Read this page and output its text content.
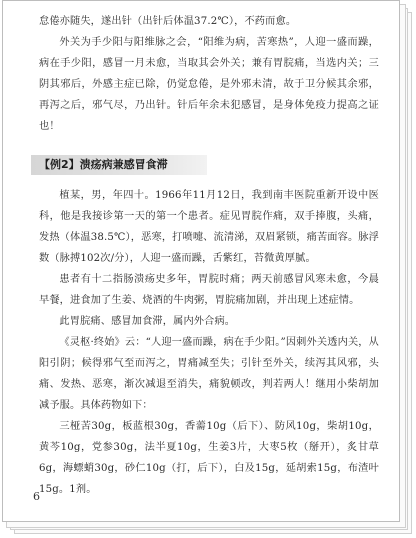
怠倦亦随失，遂出针（出针后体温37.2℃），不药而愈。

外关为手少阳与阳维脉之会，“阳维为病，苦寒热”，人迎一盛而躁，病在手少阳，感冒一月未愈，当取其会外关；兼有胃脘痛，当选内关；三阴其邪后，外感主症已除，仍觉怠倦，是外邪未清，故于卫分候其余邪，再泻之后，邪气尽，乃出针。针后年余未犯感冒，是身体免疫力提高之证也！

【例2】溃疡病兼感冒食滞

植某，男，年四十。1966年11月12日，我到南丰医院重新开设中医科，他是我接诊第一天的第一个患者。症见胃脘作痛，双手捧腹，头痛，发热（体温38.5℃），恶寒，打喷嚏、流清涕，双眉紧锁，痛苦面容。脉浮数（脉搏102次/分），人迎一盛而躁，舌紫红，苔微黄厚腻。

患者有十二指肠溃疡史多年，胃脘时痛；两天前感冒风寒未愈，今晨早餐，进食加了生姜、烧酒的牛肉粥，胃脘痛加剧，并出现上述症情。

此胃脘痛、感冒加食滞，属内外合病。

《灵枢·终始》云：“人迎一盛而躁，病在手少阳。”因刺外关透内关，从阳引阴；候得邪气至而泻之，胃痛减至失；引针至外关，续泻其风邪，头痛、发热、恶寒，渐次减退至消失，痛貌顿改，判若两人！继用小柴胡加减予服。具体药物如下：

三桠苦30g，板蓝根30g，香薷10g（后下）、防风10g，柴胡10g，黄芩10g，党参30g，法半夏10g，生姜3片，大枣5枚（掰开），炙甘草6g，海螵蛸30g，砂仁10g（打，后下），白及15g，延胡索15g，布渣叶15g。1剂。

6
